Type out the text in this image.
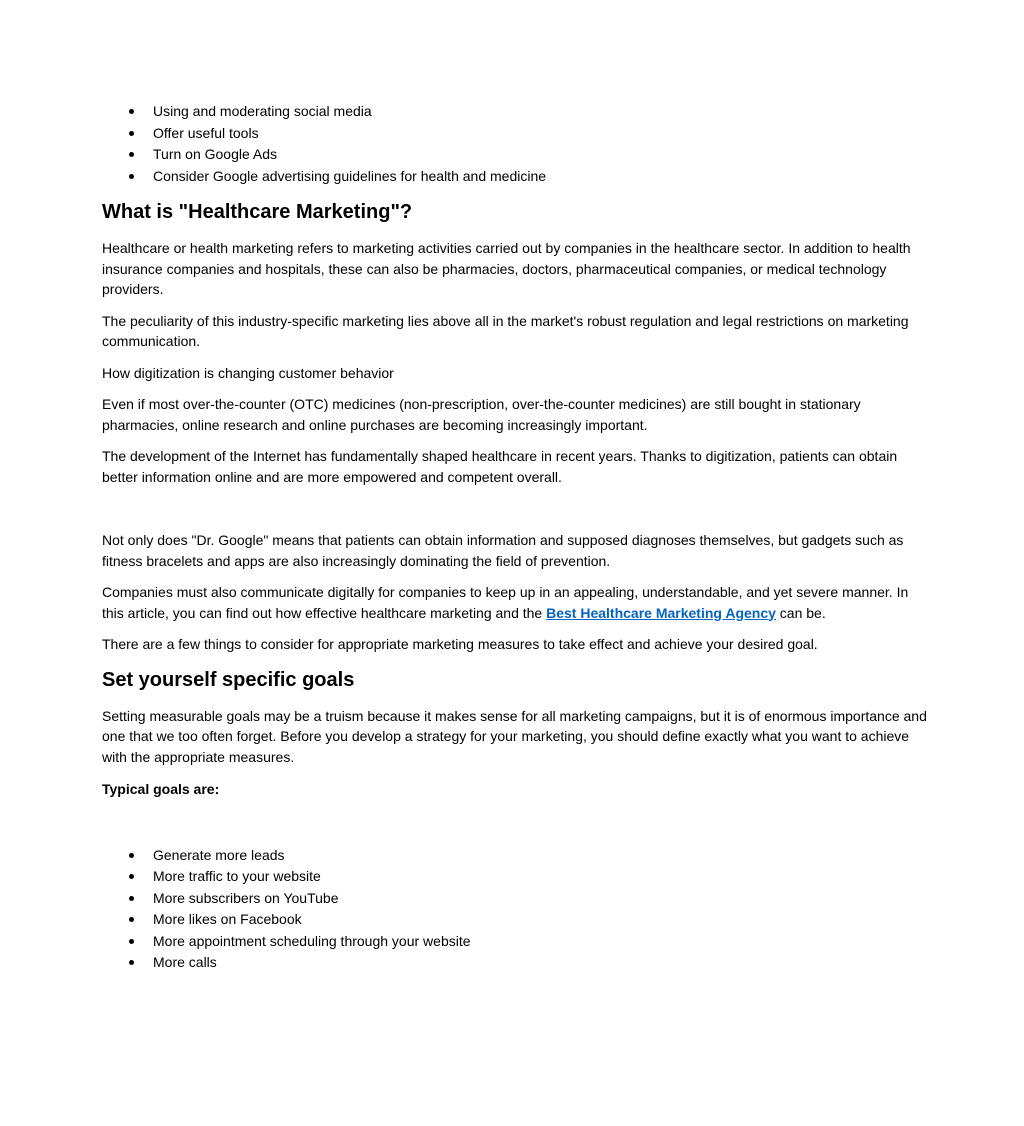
Using and moderating social media
Offer useful tools
Turn on Google Ads
Consider Google advertising guidelines for health and medicine
What is "Healthcare Marketing"?

Healthcare or health marketing refers to marketing activities carried out by companies in the healthcare sector. In addition to health insurance companies and hospitals, these can also be pharmacies, doctors, pharmaceutical companies, or medical technology providers.

The peculiarity of this industry-specific marketing lies above all in the market's robust regulation and legal restrictions on marketing communication.

How digitization is changing customer behavior

Even if most over-the-counter (OTC) medicines (non-prescription, over-the-counter medicines) are still bought in stationary pharmacies, online research and online purchases are becoming increasingly important.

The development of the Internet has fundamentally shaped healthcare in recent years. Thanks to digitization, patients can obtain better information online and are more empowered and competent overall.

Not only does "Dr. Google" means that patients can obtain information and supposed diagnoses themselves, but gadgets such as fitness bracelets and apps are also increasingly dominating the field of prevention.

Companies must also communicate digitally for companies to keep up in an appealing, understandable, and yet severe manner. In this article, you can find out how effective healthcare marketing and the Best Healthcare Marketing Agency can be.

There are a few things to consider for appropriate marketing measures to take effect and achieve your desired goal.

Set yourself specific goals

Setting measurable goals may be a truism because it makes sense for all marketing campaigns, but it is of enormous importance and one that we too often forget. Before you develop a strategy for your marketing, you should define exactly what you want to achieve with the appropriate measures.

Typical goals are:

Generate more leads
More traffic to your website
More subscribers on YouTube
More likes on Facebook
More appointment scheduling through your website
More calls
